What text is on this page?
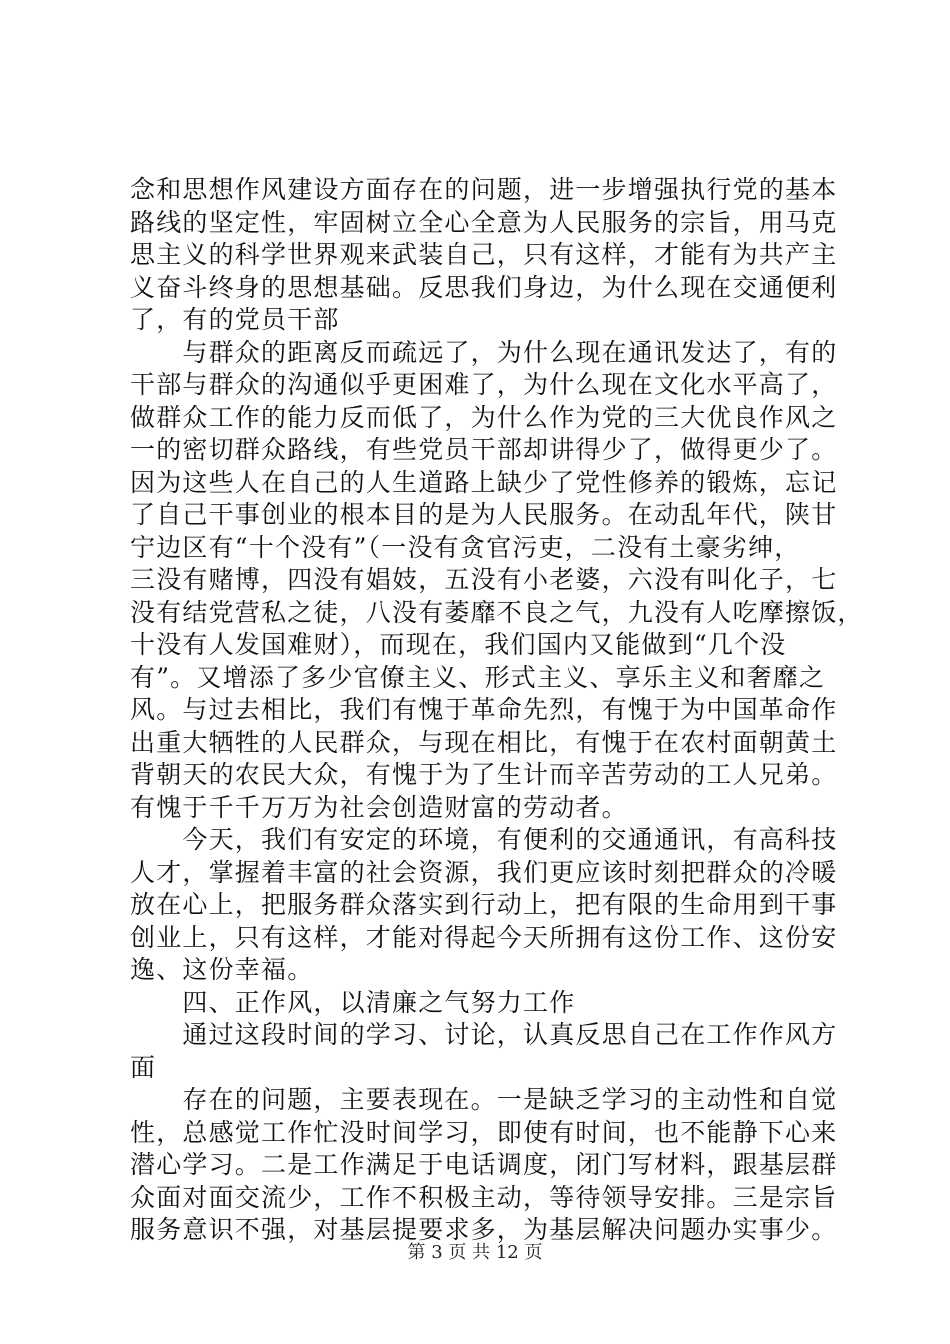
念和思想作风建设方面存在的问题，进一步增强执行党的基本
路线的坚定性，牢固树立全心全意为人民服务的宗旨，用马克
思主义的科学世界观来武装自己，只有这样，才能有为共产主
义奋斗终身的思想基础。反思我们身边，为什么现在交通便利
了，有的党员干部
　　与群众的距离反而疏远了，为什么现在通讯发达了，有的
干部与群众的沟通似乎更困难了，为什么现在文化水平高了，
做群众工作的能力反而低了，为什么作为党的三大优良作风之
一的密切群众路线，有些党员干部却讲得少了，做得更少了。
因为这些人在自己的人生道路上缺少了党性修养的锻炼，忘记
了自己干事创业的根本目的是为人民服务。在动乱年代，陕甘
宁边区有“十个没有”（一没有贪官污吏，二没有土豪劣绅，
三没有赌博，四没有娼妓，五没有小老婆，六没有叫化子，七
没有结党营私之徒，八没有萎靡不良之气，九没有人吃摩擦饭，
十没有人发国难财），而现在，我们国内又能做到“几个没
有”。又增添了多少官僚主义、形式主义、享乐主义和奢靡之
风。与过去相比，我们有愧于革命先烈，有愧于为中国革命作
出重大牺牲的人民群众，与现在相比，有愧于在农村面朝黄土
背朝天的农民大众，有愧于为了生计而辛苦劳动的工人兄弟。
有愧于千千万万为社会创造财富的劳动者。
　　今天，我们有安定的环境，有便利的交通通讯，有高科技
人才，掌握着丰富的社会资源，我们更应该时刻把群众的冷暖
放在心上，把服务群众落实到行动上，把有限的生命用到干事
创业上，只有这样，才能对得起今天所拥有这份工作、这份安
逸、这份幸福。
　　四、正作风，以清廉之气努力工作
　　通过这段时间的学习、讨论，认真反思自己在工作作风方
面
　　存在的问题，主要表现在。一是缺乏学习的主动性和自觉
性，总感觉工作忙没时间学习，即使有时间，也不能静下心来
潜心学习。二是工作满足于电话调度，闭门写材料，跟基层群
众面对面交流少，工作不积极主动，等待领导安排。三是宗旨
服务意识不强，对基层提要求多，为基层解决问题办实事少。
第 3 页 共 12 页
